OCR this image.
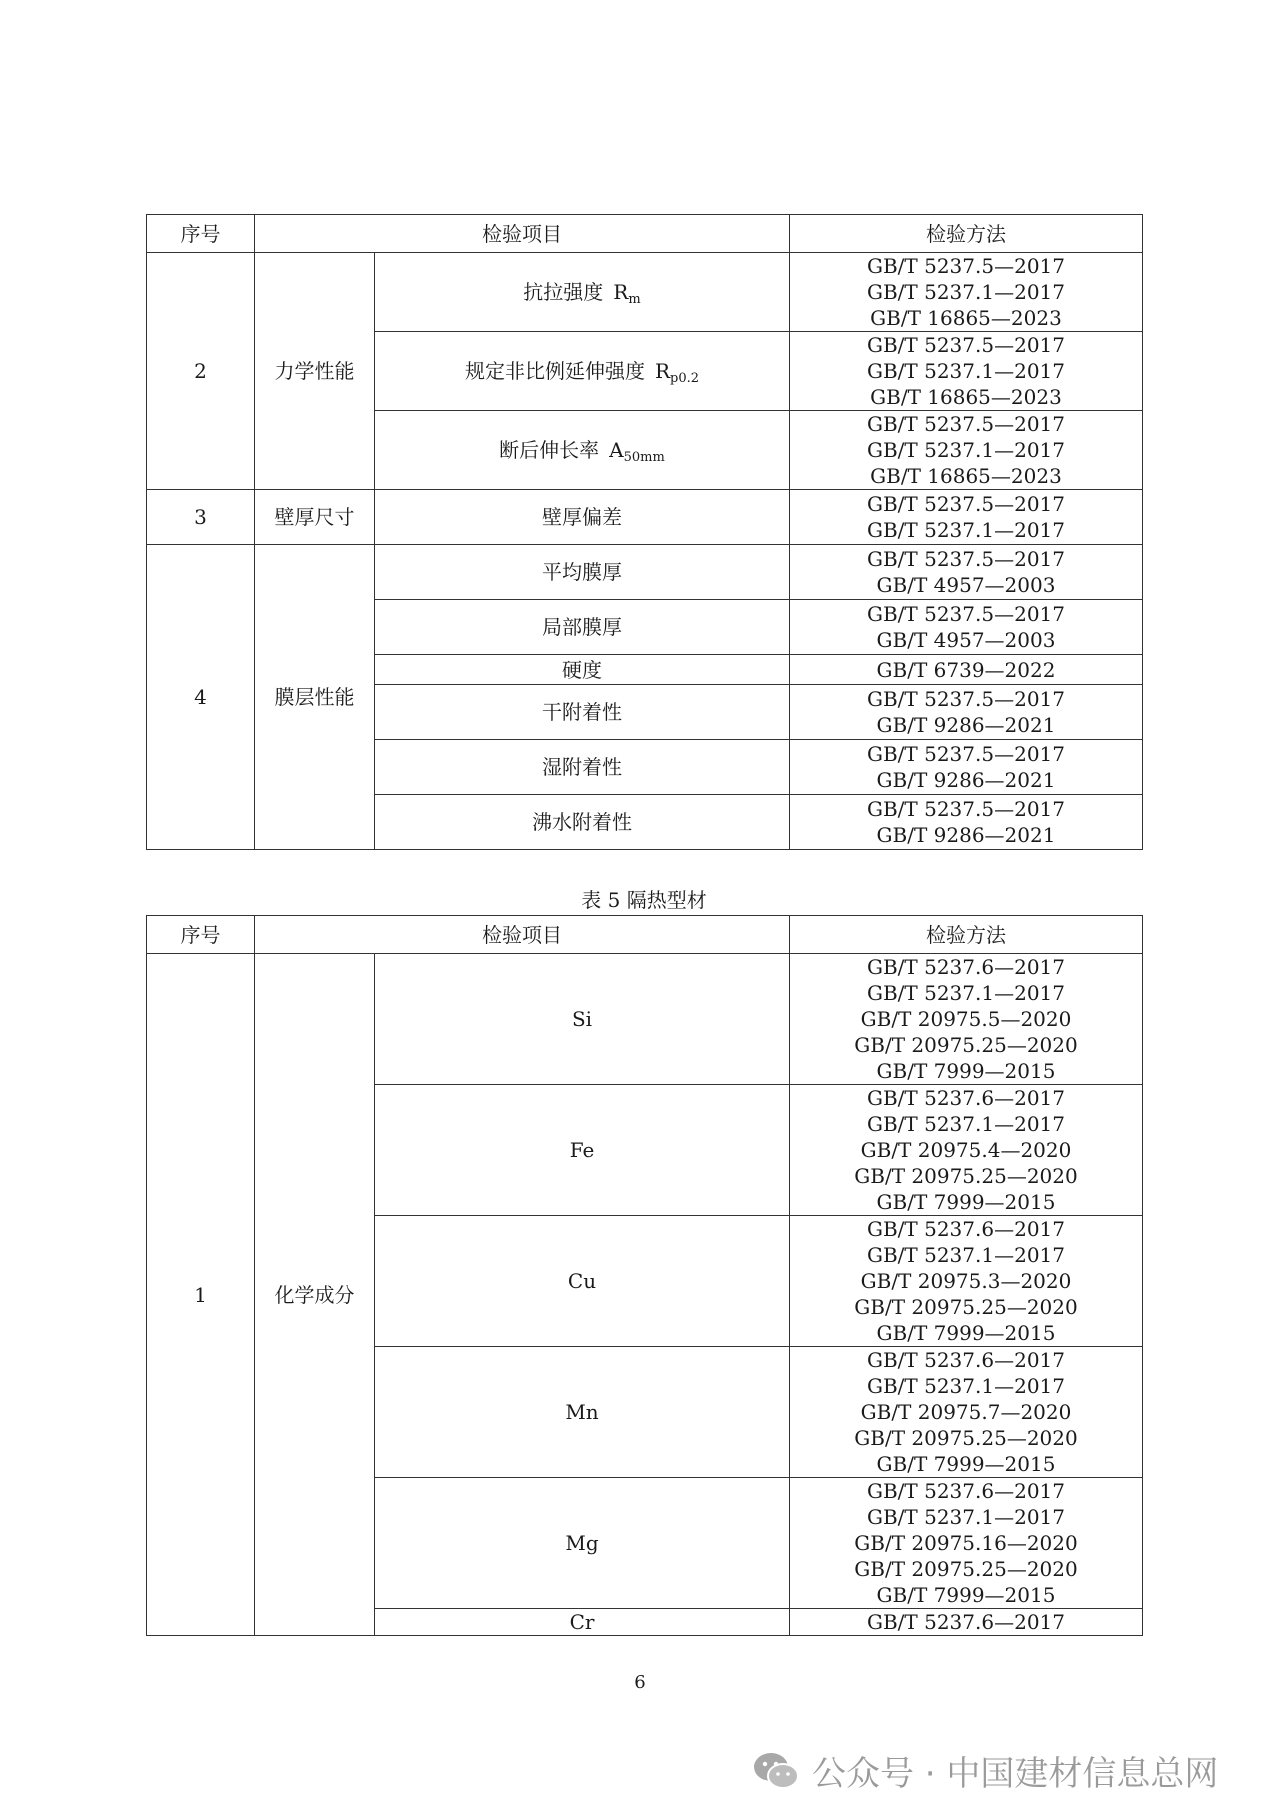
序号	检验项目		检验方法
2	力学性能	抗拉强度  $R_m$	GB/T 5237.5—2017
GB/T 5237.1—2017
GB/T 16865—2023

		规定非比例延伸强度  $R_{p0.2}$	GB/T 5237.5—2017
GB/T 5237.1—2017
GB/T 16865—2023

		断后伸长率  $A_{50mm}$	GB/T 5237.5—2017
GB/T 5237.1—2017
GB/T 16865—2023

3	壁厚尺寸	壁厚偏差	GB/T 5237.5—2017
GB/T 5237.1—2017

4	膜层性能	平均膜厚	GB/T 5237.5—2017
GB/T 4957—2003

		局部膜厚	GB/T 5237.5—2017
GB/T 4957—2003

		硬度	GB/T 6739—2022

		干附着性	GB/T 5237.5—2017
GB/T 9286—2021

		湿附着性	GB/T 5237.5—2017
GB/T 9286—2021

		沸水附着性	GB/T 5237.5—2017
GB/T 9286—2021
表 5 隔热型材
序号	检验项目		检验方法
1	化学成分	Si	GB/T 5237.6—2017
GB/T 5237.1—2017
GB/T 20975.5—2020
GB/T 20975.25—2020
GB/T 7999—2015

		Fe	GB/T 5237.6—2017
GB/T 5237.1—2017
GB/T 20975.4—2020
GB/T 20975.25—2020
GB/T 7999—2015

		Cu	GB/T 5237.6—2017
GB/T 5237.1—2017
GB/T 20975.3—2020
GB/T 20975.25—2020
GB/T 7999—2015

		Mn	GB/T 5237.6—2017
GB/T 5237.1—2017
GB/T 20975.7—2020
GB/T 20975.25—2020
GB/T 7999—2015

		Mg	GB/T 5237.6—2017
GB/T 5237.1—2017
GB/T 20975.16—2020
GB/T 20975.25—2020
GB/T 7999—2015

		Cr	GB/T 5237.6—2017
6
公众号 · 中国建材信息总网
